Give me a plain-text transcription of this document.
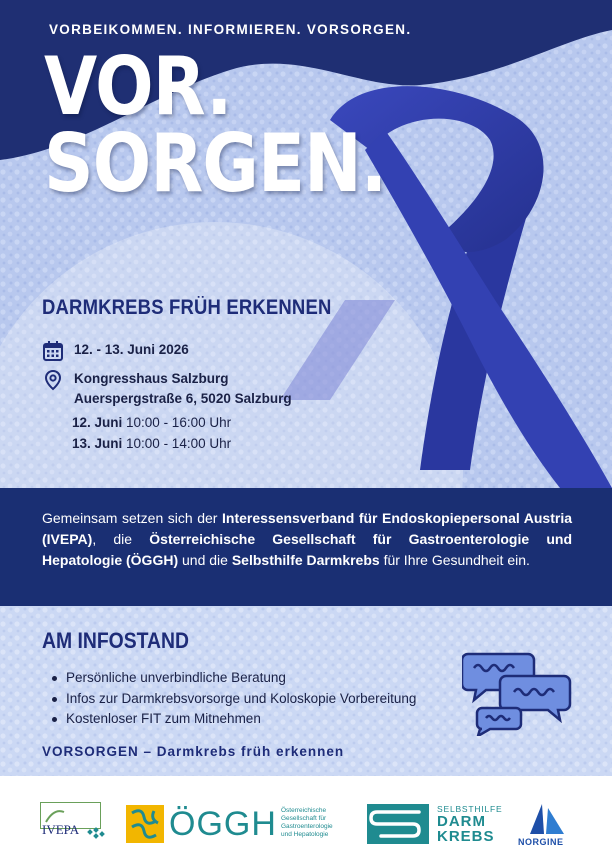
VORBEIKOMMEN. INFORMIEREN. VORSORGEN.
VOR.
SORGEN.
DARMKREBS FRÜH ERKENNEN
12. - 13. Juni 2026
Kongresshaus Salzburg
Auerspergstraße 6, 5020 Salzburg
12. Juni 10:00 - 16:00 Uhr
13. Juni 10:00 - 14:00 Uhr
Gemeinsam setzen sich der Interessensverband für Endoskopiepersonal Austria (IVEPA), die Österreichische Gesellschaft für Gastroenterologie und Hepatologie (ÖGGH) und die Selbsthilfe Darmkrebs für Ihre Gesundheit ein.
AM INFOSTAND
Persönliche unverbindliche Beratung
Infos zur Darmkrebsvorsorge und Koloskopie Vorbereitung
Kostenloser FIT zum Mitnehmen
VORSORGEN – Darmkrebs früh erkennen
IVEPA	ÖGGH Österreichische
Gesellschaft für
Gastroenterologie
und Hepatologie
SELBSTHILFE
DARM
KREBS	NORGINE
